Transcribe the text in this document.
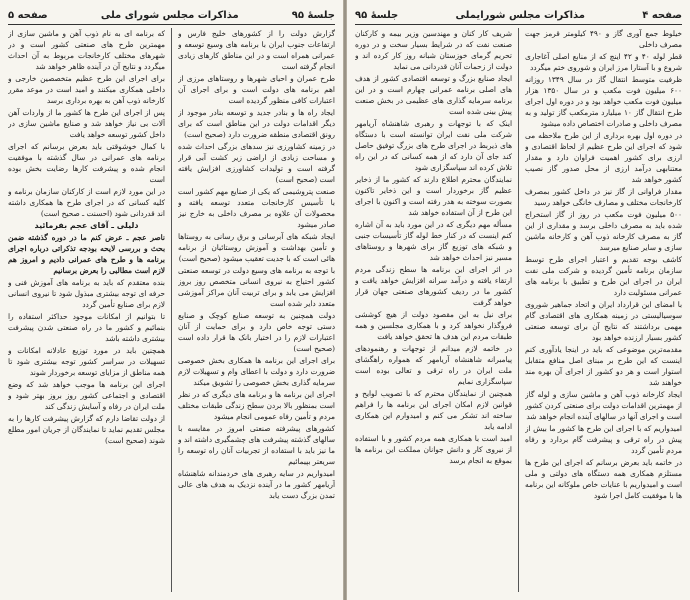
جلسهٔ ۹۵
مذاکرات مجلس شورای ملی
صفحه ۵

گزارش دولت را از کشورهای خلیج فارس و ارتفاعات جنوب ایران با برنامه های وسیع توسعه و عمرانی همراه است و در این مناطق کارهای زیادی انجام گرفته است

طرح عمران و احیای شهرها و روستاهای مرزی از اهم برنامه های دولت است و برای اجرای آن اعتبارات کافی منظور گردیده است

ایجاد راه ها و بنادر جدید و توسعه بنادر موجود از دیگر اقدامات دولت در این مناطق است که برای رونق اقتصادی منطقه ضرورت دارد (صحیح است)

در زمینه کشاورزی نیز سدهای بزرگی احداث شده و مساحت زیادی از اراضی زیر کشت آبی قرار گرفته است و تولیدات کشاورزی افزایش یافته است (صحیح است)

صنعت پتروشیمی که یکی از صنایع مهم کشور است با تأسیس کارخانجات متعدد توسعه یافته و محصولات آن علاوه بر مصرف داخلی به خارج نیز صادر میشود

ایجاد شبکه های آبرسانی و برق رسانی به روستاها و تأمین بهداشت و آموزش روستائیان از برنامه هائی است که با جدیت تعقیب میشود (صحیح است)

با توجه به برنامه های وسیع دولت در توسعه صنعتی کشور احتیاج به نیروی انسانی متخصص روز بروز افزایش می یابد و برای تربیت آنان مراکز آموزشی متعدد دایر شده است

دولت همچنین به توسعه صنایع کوچک و صنایع دستی توجه خاص دارد و برای حمایت از آنان اعتبارات لازم را در اختیار بانک ها قرار داده است (صحیح است)

برای اجرای این برنامه ها همکاری بخش خصوصی ضرورت دارد و دولت با اعطای وام و تسهیلات لازم سرمایه گذاری بخش خصوصی را تشویق میکند

اجرای این برنامه ها و برنامه های دیگری که در نظر است بمنظور بالا بردن سطح زندگی طبقات مختلف مردم و تأمین رفاه عمومی انجام میشود

کشورهای پیشرفته صنعتی امروز در مقایسه با سالهای گذشته پیشرفت های چشمگیری داشته اند و ما نیز باید با استفاده از تجربیات آنان راه توسعه را سریعتر بپیمائیم

امیدواریم در سایه رهبری های خردمندانه شاهنشاه آریامهر کشور ما در آینده نزدیک به هدف های عالی تمدن بزرگ دست یابد

که برنامه ای به نام ذوب آهن و ماشین سازی از مهمترین طرح های صنعتی کشور است و در شهرهای مختلف کارخانجات مربوط به آن احداث میگردد و نتایج آن در آینده ظاهر خواهد شد

برای اجرای این طرح عظیم متخصصین خارجی و داخلی همکاری میکنند و امید است در موعد مقرر کارخانه ذوب آهن به بهره برداری برسد

پس از اجرای این طرح ها کشور ما از واردات آهن آلات بی نیاز خواهد شد و صنایع ماشین سازی در داخل کشور توسعه خواهد یافت

با کمال خوشوقتی باید بعرض برسانم که اجرای برنامه های عمرانی در سال گذشته با موفقیت انجام شده و پیشرفت کارها رضایت بخش بوده است

در این مورد لازم است از کارکنان سازمان برنامه و کلیه کسانی که در اجرای طرح ها همکاری داشته اند قدردانی شود (احسنت ـ صحیح است)

دلیلی ـ آقای عجم بفرمائید

ناصر عجم ـ عرض کنم ما در دوره گذشته ضمن بحث و بررسی لایحه بودجه تذکراتی درباره اجرای برنامه ها و طرح های عمرانی دادیم و امروز هم لازم است مطالبی را بعرض برسانیم

بنده معتقدم که باید به برنامه های آموزش فنی و حرفه ای توجه بیشتری مبذول شود تا نیروی انسانی لازم برای صنایع تأمین گردد

تا بتوانیم از امکانات موجود حداکثر استفاده را بنمائیم و کشور ما در راه صنعتی شدن پیشرفت بیشتری داشته باشد

همچنین باید در مورد توزیع عادلانه امکانات و تسهیلات در سراسر کشور توجه بیشتری شود تا همه مناطق از مزایای توسعه برخوردار شوند

اجرای این برنامه ها موجب خواهد شد که وضع اقتصادی و اجتماعی کشور روز بروز بهتر شود و ملت ایران در رفاه و آسایش زندگی کند

از دولت تقاضا دارم که گزارش پیشرفت کارها را به مجلس تقدیم نماید تا نمایندگان از جریان امور مطلع شوند (صحیح است)

صفحه ۴
مذاکرات مجلس شورایملی
جلسهٔ ۹۵

خیلوط جمع آوری گاز و ۴۹۰ کیلومتر قرمز جهت مصرف داخلی

قطر لوله ۴۰ و ۴۲ اینچ که از منابع اصلی آغاجاری شروع و با آستارا مرز ایران و شوروی ختم میگردد

ظرفیت متوسط انتقال گاز در سال ۱۳۴۹ روزانه ۶۰۰ میلیون فوت مکعب و در سال ۱۳۵۰ هزار میلیون فوت مکعب خواهد بود و در دوره اول اجرای طرح انتقال گاز ۱۰ میلیارد مترمکعب گاز تولید و به مصرف داخلی و صادرات اختصاص داده میشود

در دوره اول بهره برداری از این طرح ملاحظه می شود که اجرای این طرح عظیم از لحاظ اقتصادی و ارزی برای کشور اهمیت فراوان دارد و مقدار معتنابهی درآمد ارزی از محل صدور گاز نصیب کشور خواهد شد

مقدار فراوانی از گاز نیز در داخل کشور بمصرف کارخانجات مختلف و مصارف خانگی خواهد رسید

۵۰۰ میلیون فوت مکعب در روز از گاز استخراج شده باید به مصرف داخلی برسد و مقداری از این گاز به مصرف کارخانه ذوب آهن و کارخانه ماشین سازی و سایر صنایع میرسد

کاشف بوجه تقدیم و اعتبار اجرای طرح توسط سازمان برنامه تأمین گردیده و شرکت ملی نفت ایران در اجرای این طرح و تطبیق با برنامه های عمرانی مسئولیت دارد

با امضای این قرارداد ایران و اتحاد جماهیر شوروی سوسیالیستی در زمینه همکاری های اقتصادی گام مهمی برداشتند که نتایج آن برای توسعه صنعتی کشور بسیار ارزنده خواهد بود

مقدمه‌ترین موضوعی که باید در اینجا یادآوری کنم اینست که این طرح بر مبنای اصل منافع متقابل استوار است و هر دو کشور از اجرای آن بهره مند خواهند شد

ایجاد کارخانه ذوب آهن و ماشین سازی و لوله گاز از مهمترین اقدامات دولت برای صنعتی کردن کشور است و اجرای آنها در سالهای آینده انجام خواهد شد

امیدواریم که با اجرای این طرح ها کشور ما بیش از پیش در راه ترقی و پیشرفت گام بردارد و رفاه مردم تأمین گردد

در خاتمه باید بعرض برسانم که اجرای این طرح ها مستلزم همکاری همه دستگاه های دولتی و ملی است و امیدواریم با عنایات خاص ملوکانه این برنامه ها با موفقیت کامل اجرا شود

شریف کار کنان و مهندسین وزیر بیمه و کارکنان صنعت نفت که در شرایط بسیار سخت و در دوره تحریم گرمای خوزستان شبانه روز کار کرده اند و دولت از زحمات آنان قدردانی می نماید

ایجاد صنایع بزرگ و توسعه اقتصادی کشور از هدف های اصلی برنامه عمرانی چهارم است و در این برنامه سرمایه گذاری های عظیمی در بخش صنعت پیش بینی شده است

اینک که با توجهات و رهبری شاهنشاه آریامهر شرکت ملی نفت ایران توانسته است با دستگاه های ذیربط در اجرای طرح های بزرگ توفیق حاصل کند جای آن دارد که از همه کسانی که در این راه تلاش کرده اند سپاسگزاری شود

نمایندگان محترم اطلاع دارند که کشور ما از ذخایر عظیم گاز برخوردار است و این ذخایر تاکنون بصورت سوخته به هدر رفته است و اکنون با اجرای این طرح از آن استفاده خواهد شد

مسأله مهم دیگری که در این مورد باید به آن اشاره کنم اینست که در کنار خط لوله گاز تأسیسات جنبی و شبکه های توزیع گاز برای شهرها و روستاهای مسیر نیز احداث خواهد شد

در اثر اجرای این برنامه ها سطح زندگی مردم ارتقاء یافته و درآمد سرانه افزایش خواهد یافت و کشور ما در ردیف کشورهای صنعتی جهان قرار خواهد گرفت

برای نیل به این مقصود دولت از هیچ کوششی فروگذار نخواهد کرد و با همکاری مجلسین و همه طبقات مردم این هدف ها تحقق خواهد یافت

در خاتمه لازم میدانم از توجهات و رهنمودهای پیامبرانه شاهنشاه آریامهر که همواره راهگشای ملت ایران در راه ترقی و تعالی بوده است سپاسگزاری نمایم

همچنین از نمایندگان محترم که با تصویب لوایح و قوانین لازم امکان اجرای این برنامه ها را فراهم ساخته اند تشکر می کنم و امیدوارم این همکاری ادامه یابد

امید است با همکاری همه مردم کشور و با استفاده از نیروی کار و دانش جوانان مملکت این برنامه ها بموقع به انجام برسد
